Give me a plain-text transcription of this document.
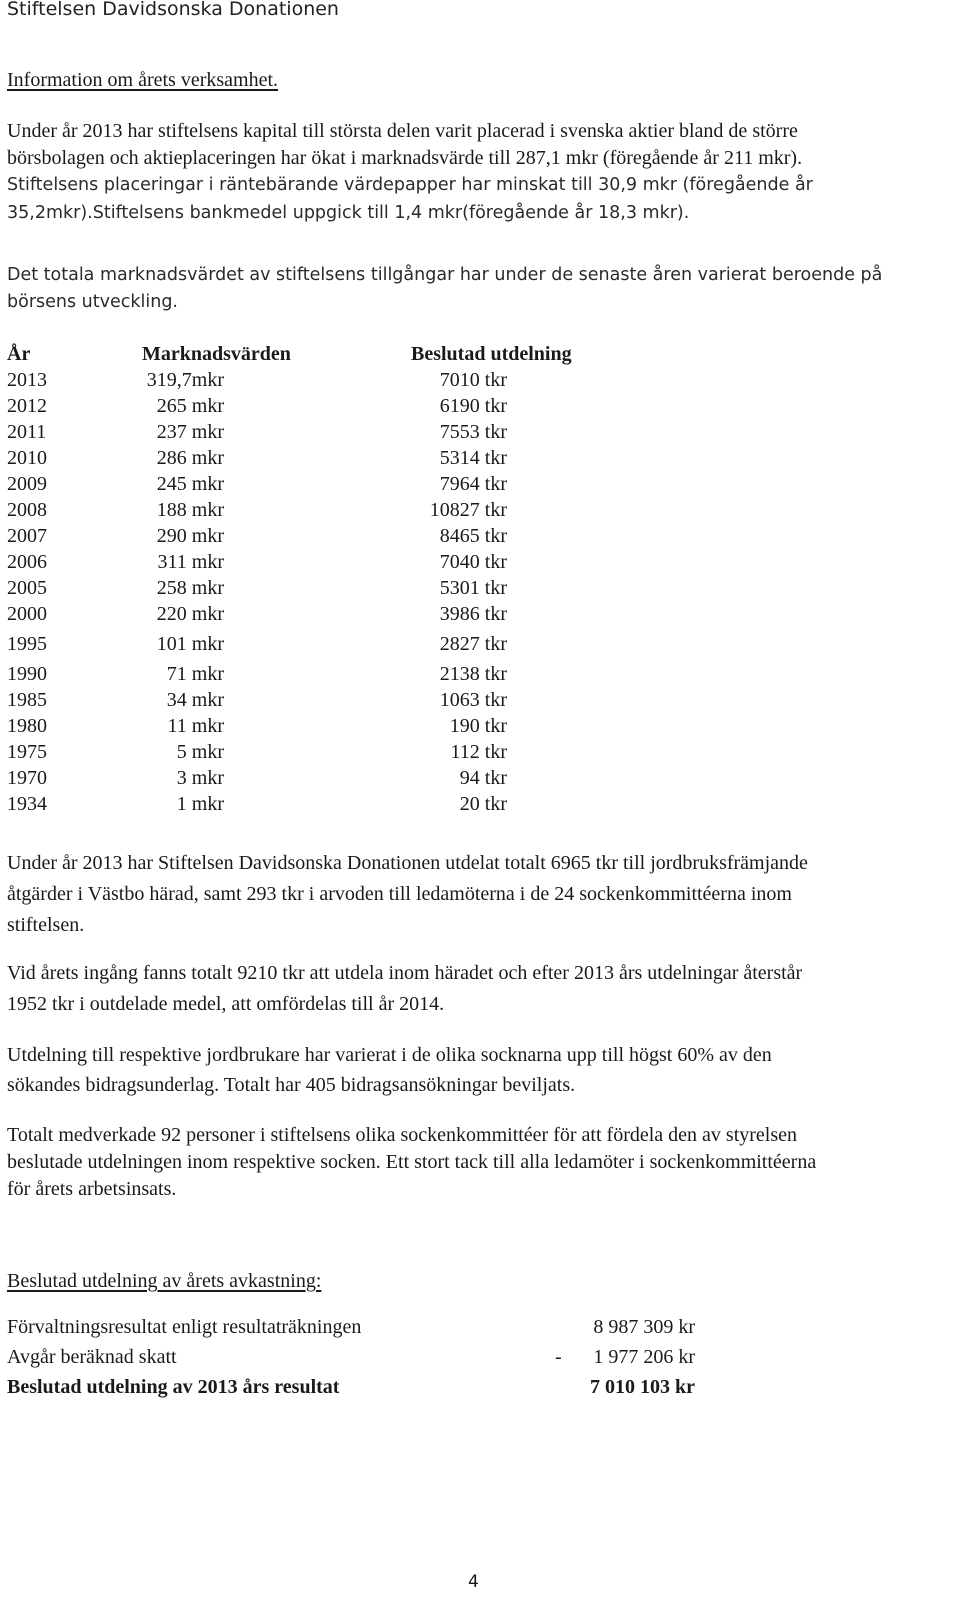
Stiftelsen Davidsonska Donationen
Information om årets verksamhet.
Under år 2013 har stiftelsens kapital till största delen varit placerad i svenska aktier bland de större
börsbolagen och aktieplaceringen har ökat i marknadsvärde till 287,1 mkr (föregående år 211 mkr).
Stiftelsens placeringar i räntebärande värdepapper har minskat till 30,9 mkr (föregående år
35,2mkr).Stiftelsens bankmedel uppgick till 1,4 mkr(föregående år 18,3 mkr).
Det totala marknadsvärdet av stiftelsens tillgångar har under de senaste åren varierat beroende på
börsens utveckling.
År	Marknadsvärden	Beslutad utdelning
2013	319,7mkr	7010 tkr
2012	265 mkr	6190 tkr
2011	237 mkr	7553 tkr
2010	286 mkr	5314 tkr
2009	245 mkr	7964 tkr
2008	188 mkr	10827 tkr
2007	290 mkr	8465 tkr
2006	311 mkr	7040 tkr
2005	258 mkr	5301 tkr
2000	220 mkr	3986 tkr
1995	101 mkr	2827 tkr
1990	71 mkr	2138 tkr
1985	34 mkr	1063 tkr
1980	11 mkr	190 tkr
1975	5 mkr	112 tkr
1970	3 mkr	94 tkr
1934	1 mkr	20 tkr
Under år 2013 har Stiftelsen Davidsonska Donationen utdelat totalt 6965 tkr till jordbruksfrämjande
åtgärder i Västbo härad, samt 293 tkr i arvoden till ledamöterna i de 24 sockenkommittéerna inom
stiftelsen.
Vid årets ingång fanns totalt 9210 tkr att utdela inom häradet och efter 2013 års utdelningar återstår
1952 tkr i outdelade medel, att omfördelas till år 2014.
Utdelning till respektive jordbrukare har varierat i de olika socknarna upp till högst 60% av den
sökandes bidragsunderlag. Totalt har 405 bidragsansökningar beviljats.
Totalt medverkade 92 personer i stiftelsens olika sockenkommittéer för att fördela den av styrelsen
beslutade utdelningen inom respektive socken. Ett stort tack till alla ledamöter i sockenkommittéerna
för årets arbetsinsats.
Beslutad utdelning av årets avkastning:
Förvaltningsresultat enligt resultaträkningen	8 987 309 kr
Avgår beräknad skatt	-	1 977 206 kr
Beslutad utdelning av 2013 års resultat	7 010 103 kr
4
